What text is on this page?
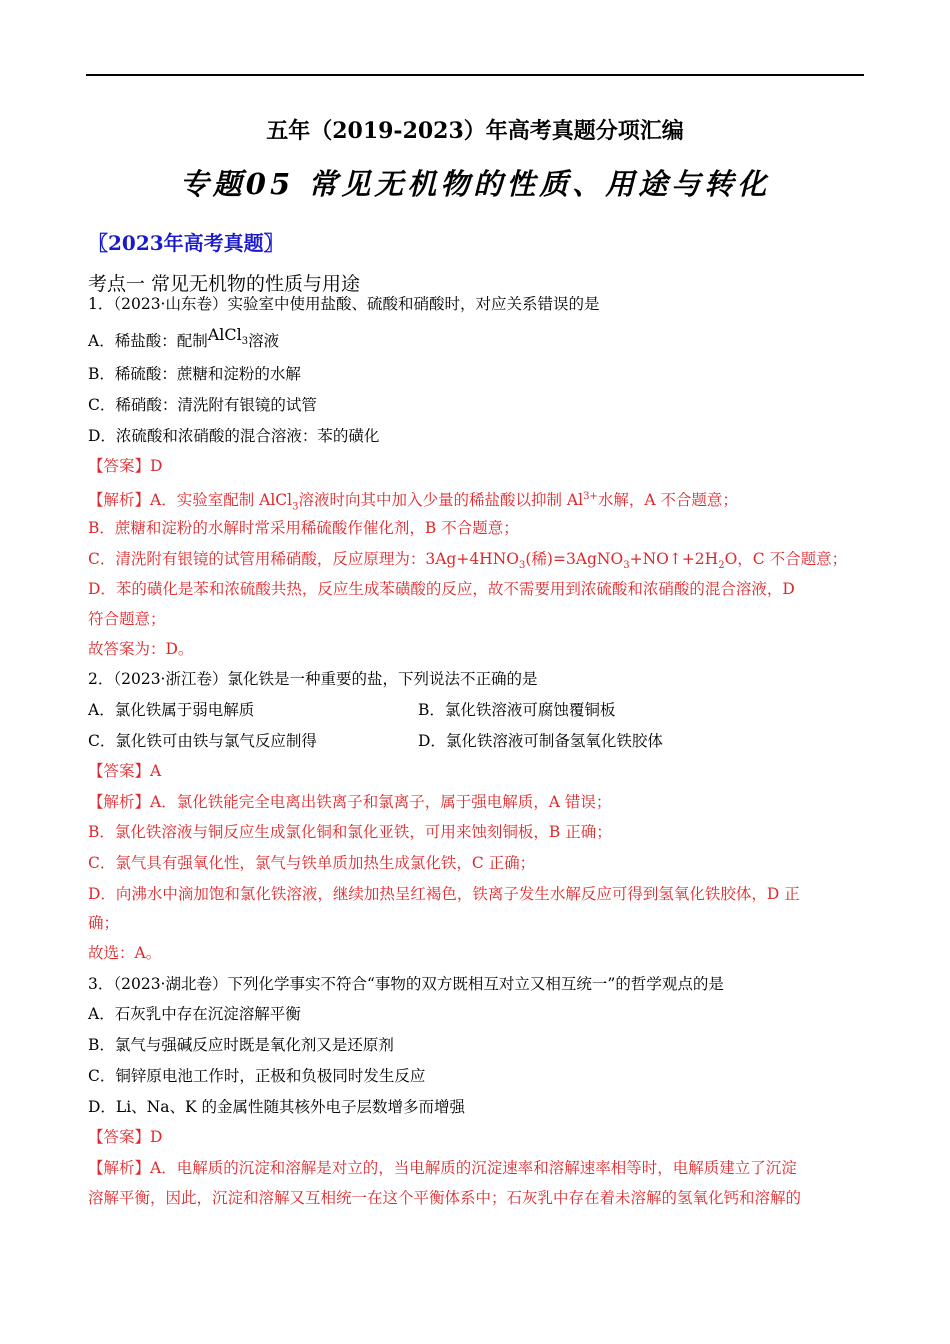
五年（2019-2023）年高考真题分项汇编
专题05 常见无机物的性质、用途与转化
〖2023年高考真题〗
考点一 常见无机物的性质与用途
1．（2023·山东卷）实验室中使用盐酸、硫酸和硝酸时，对应关系错误的是
A．稀盐酸：配制AlCl$_3$溶液
B．稀硫酸：蔗糖和淀粉的水解
C．稀硝酸：清洗附有银镜的试管
D．浓硫酸和浓硝酸的混合溶液：苯的磺化
【答案】D
【解析】A．实验室配制 AlCl$_3$溶液时向其中加入少量的稀盐酸以抑制 $Al^{3+}$水解，A 不合题意；
B．蔗糖和淀粉的水解时常采用稀硫酸作催化剂，B 不合题意；
C．清洗附有银镜的试管用稀硝酸，反应原理为：$3Ag+4HNO_3$(稀)$=3AgNO_3+NO↑+2H_2O$，C 不合题意；
D．苯的磺化是苯和浓硫酸共热，反应生成苯磺酸的反应，故不需要用到浓硫酸和浓硝酸的混合溶液，D
符合题意；
故答案为：D。
2．（2023·浙江卷）氯化铁是一种重要的盐，下列说法不正确的是
A．氯化铁属于弱电解质	B．氯化铁溶液可腐蚀覆铜板
C．氯化铁可由铁与氯气反应制得	D．氯化铁溶液可制备氢氧化铁胶体
【答案】A
【解析】A．氯化铁能完全电离出铁离子和氯离子，属于强电解质，A 错误；
B．氯化铁溶液与铜反应生成氯化铜和氯化亚铁，可用来蚀刻铜板，B 正确；
C．氯气具有强氧化性，氯气与铁单质加热生成氯化铁，C 正确；
D．向沸水中滴加饱和氯化铁溶液，继续加热呈红褐色，铁离子发生水解反应可得到氢氧化铁胶体，D 正
确；
故选：A。
3．（2023·湖北卷）下列化学事实不符合“事物的双方既相互对立又相互统一”的哲学观点的是
A．石灰乳中存在沉淀溶解平衡
B．氯气与强碱反应时既是氧化剂又是还原剂
C．铜锌原电池工作时，正极和负极同时发生反应
D．Li、Na、K 的金属性随其核外电子层数增多而增强
【答案】D
【解析】A．电解质的沉淀和溶解是对立的，当电解质的沉淀速率和溶解速率相等时，电解质建立了沉淀
溶解平衡，因此，沉淀和溶解又互相统一在这个平衡体系中；石灰乳中存在着未溶解的氢氧化钙和溶解的
